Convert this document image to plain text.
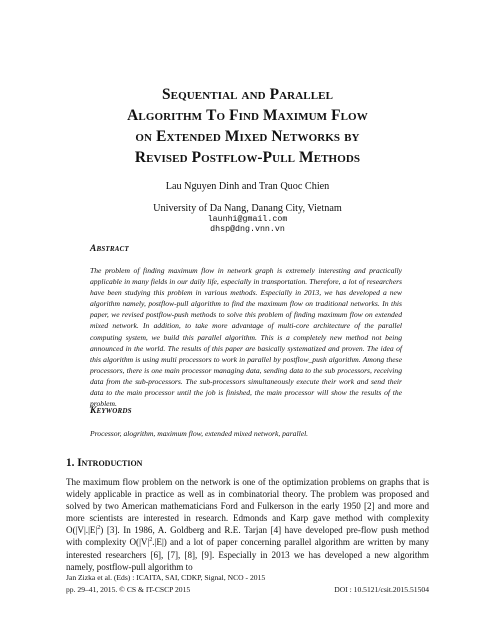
Sequential and Parallel
Algorithm To Find Maximum Flow
on Extended Mixed Networks by
Revised Postflow-Pull Methods
Lau Nguyen Dinh and Tran Quoc Chien
University of Da Nang, Danang City, Vietnam
launhi@gmail.com
dhsp@dng.vnn.vn
Abstract
The problem of finding maximum flow in network graph is extremely interesting and practically applicable in many fields in our daily life, especially in transportation. Therefore, a lot of researchers have been studying this problem in various methods. Especially in 2013, we has developed a new algorithm namely, postflow-pull algorithm to find the maximum flow on traditional networks. In this paper, we revised postflow-push methods to solve this problem of finding maximum flow on extended mixed network. In addition, to take more advantage of multi-core architecture of the parallel computing system, we build this parallel algorithm. This is a completely new method not being announced in the world. The results of this paper are basically systematized and proven. The idea of this algorithm is using multi processors to work in parallel by postflow_push algorithm. Among these processors, there is one main processor managing data, sending data to the sub processors, receiving data from the sub-processors. The sub-processors simultaneously execute their work and send their data to the main processor until the job is finished, the main processor will show the results of the problem.
Keywords
Processor, alogrithm, maximum flow, extended mixed network, parallel.
1. Introduction
The maximum flow problem on the network is one of the optimization problems on graphs that is widely applicable in practice as well as in combinatorial theory. The problem was proposed and solved by two American mathematicians Ford and Fulkerson in the early 1950 [2] and more and more scientists are interested in research. Edmonds and Karp gave method with complexity $O(|V|.|E|^2)$ [3]. In 1986, A. Goldberg and R.E. Tarjan [4] have developed pre-flow push method with complexity $O(|V|^2.|E|)$ and a lot of paper concerning parallel algorithm are written by many interested researchers [6], [7], [8], [9]. Especially in 2013 we has developed a new algorithm namely, postflow-pull algorithm to
Jan Zizka et al. (Eds) : ICAITA, SAI, CDKP, Signal, NCO - 2015
pp. 29–41, 2015. © CS & IT-CSCP 2015	DOI : 10.5121/csit.2015.51504
